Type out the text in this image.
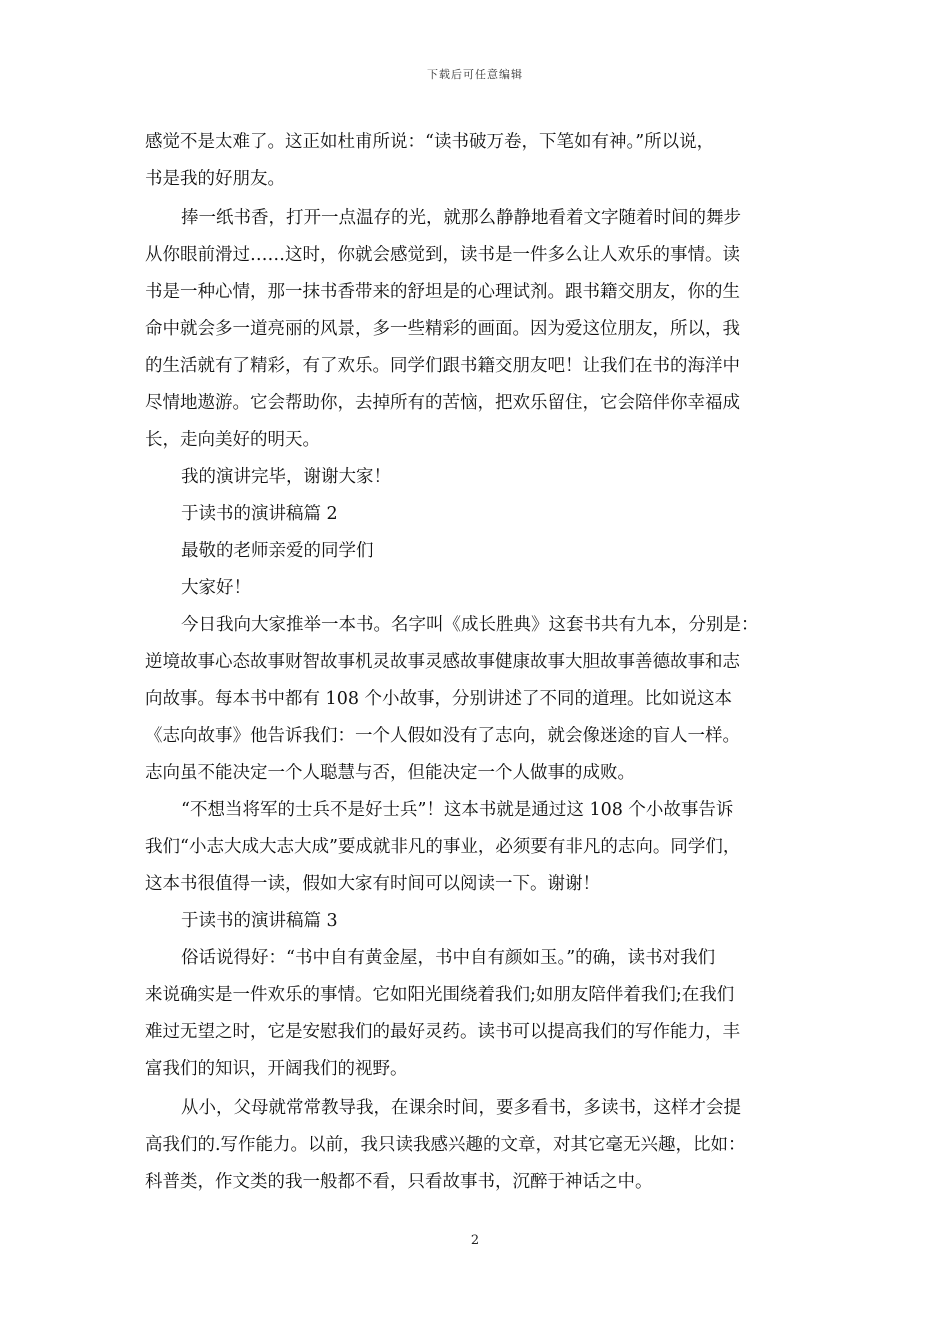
下载后可任意编辑
感觉不是太难了。这正如杜甫所说：“读书破万卷，下笔如有神。”所以说，
书是我的好朋友。
捧一纸书香，打开一点温存的光，就那么静静地看着文字随着时间的舞步
从你眼前滑过……这时，你就会感觉到，读书是一件多么让人欢乐的事情。读
书是一种心情，那一抹书香带来的舒坦是的心理试剂。跟书籍交朋友，你的生
命中就会多一道亮丽的风景，多一些精彩的画面。因为爱这位朋友，所以，我
的生活就有了精彩，有了欢乐。同学们跟书籍交朋友吧！让我们在书的海洋中
尽情地遨游。它会帮助你，去掉所有的苦恼，把欢乐留住，它会陪伴你幸福成
长，走向美好的明天。
我的演讲完毕，谢谢大家！
于读书的演讲稿篇 2
最敬的老师亲爱的同学们
大家好！
今日我向大家推举一本书。名字叫《成长胜典》这套书共有九本，分别是：
逆境故事心态故事财智故事机灵故事灵感故事健康故事大胆故事善德故事和志
向故事。每本书中都有 108 个小故事，分别讲述了不同的道理。比如说这本
《志向故事》他告诉我们：一个人假如没有了志向，就会像迷途的盲人一样。
志向虽不能决定一个人聪慧与否，但能决定一个人做事的成败。
“不想当将军的士兵不是好士兵”！这本书就是通过这 108 个小故事告诉
我们“小志大成大志大成”要成就非凡的事业，必须要有非凡的志向。同学们，
这本书很值得一读，假如大家有时间可以阅读一下。谢谢！
于读书的演讲稿篇 3
俗话说得好：“书中自有黄金屋，书中自有颜如玉。”的确，读书对我们
来说确实是一件欢乐的事情。它如阳光围绕着我们;如朋友陪伴着我们;在我们
难过无望之时，它是安慰我们的最好灵药。读书可以提高我们的写作能力，丰
富我们的知识，开阔我们的视野。
从小，父母就常常教导我，在课余时间，要多看书，多读书，这样才会提
高我们的.写作能力。以前，我只读我感兴趣的文章，对其它毫无兴趣，比如：
科普类，作文类的我一般都不看，只看故事书，沉醉于神话之中。
2
